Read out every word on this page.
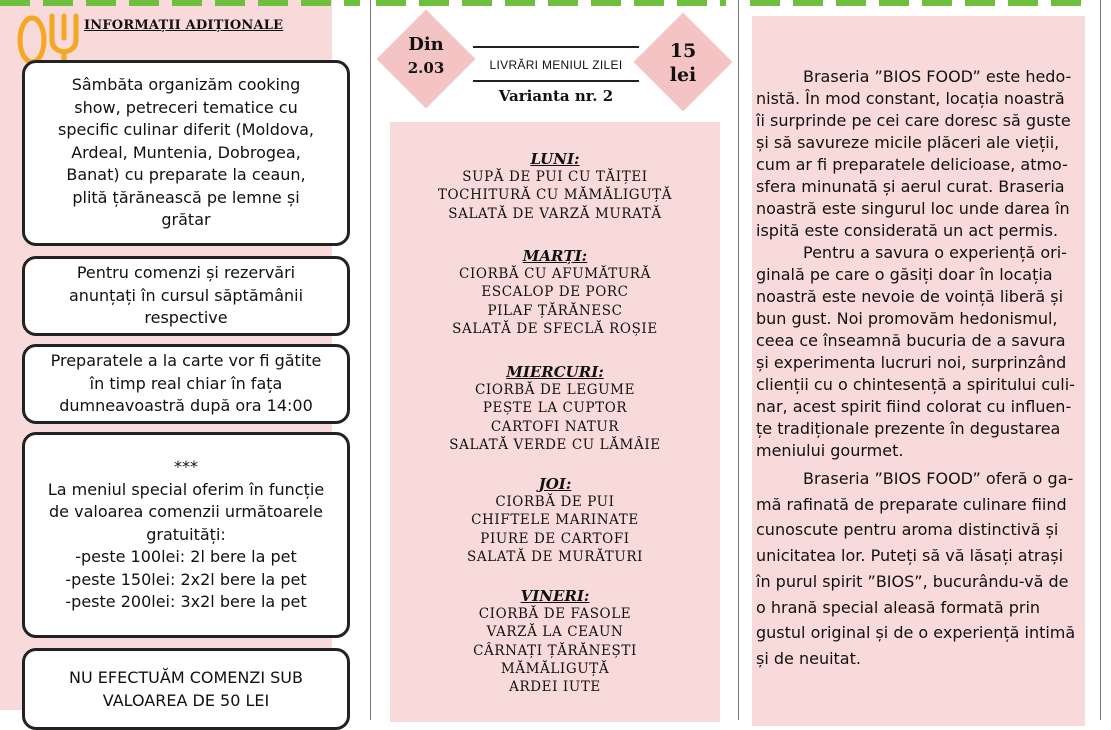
INFORMAȚII ADIȚIONALE
Sâmbăta organizăm cooking
show, petreceri tematice cu
specific culinar diferit (Moldova,
Ardeal, Muntenia, Dobrogea,
Banat) cu preparate la ceaun,
plită țărănească pe lemne și
grătar
Pentru comenzi și rezervări
anunțați în cursul săptămânii
respective
Preparatele a la carte vor fi gătite
în timp real chiar în fața
dumneavoastră după ora 14:00
***
La meniul special oferim în funcție
de valoarea comenzii următoarele
gratuități:
-peste 100lei: 2l bere la pet
-peste 150lei: 2x2l bere la pet
-peste 200lei: 3x2l bere la pet
NU EFECTUĂM COMENZI SUB
VALOAREA DE 50 LEI
Din
2.03	LIVRĂRI MENIUL ZILEI
Varianta nr. 2
15
lei
LUNI:
SUPĂ DE PUI CU TĂIȚEI
TOCHITURĂ CU MĂMĂLIGUȚĂ
SALATĂ DE VARZĂ MURATĂ
MARȚI:
CIORBĂ CU AFUMĂTURĂ
ESCALOP DE PORC
PILAF ȚĂRĂNESC
SALATĂ DE SFECLĂ ROȘIE
MIERCURI:
CIORBĂ DE LEGUME
PEȘTE LA CUPTOR
CARTOFI NATUR
SALATĂ VERDE CU LĂMÂIE
JOI:
CIORBĂ DE PUI
CHIFTELE MARINATE
PIURE DE CARTOFI
SALATĂ DE MURĂTURI
VINERI:
CIORBĂ DE FASOLE
VARZĂ LA CEAUN
CÂRNAȚI ȚĂRĂNEȘTI
MĂMĂLIGUȚĂ
ARDEI IUTE
Braseria ”BIOS FOOD” este hedo-
nistă. În mod constant, locația noastră
îi surprinde pe cei care doresc să guste
și să savureze micile plăceri ale vieții,
cum ar fi preparatele delicioase, atmo-
sfera minunată și aerul curat. Braseria
noastră este singurul loc unde darea în
ispită este considerată un act permis.
Pentru a savura o experiență ori-
ginală pe care o găsiți doar în locația
noastră este nevoie de voință liberă și
bun gust. Noi promovăm hedonismul,
ceea ce înseamnă bucuria de a savura
și experimenta lucruri noi, surprinzând
clienții cu o chintesență a spiritului culi-
nar, acest spirit fiind colorat cu influen-
țe tradiționale prezente în degustarea
meniului gourmet.
Braseria ”BIOS FOOD” oferă o ga-
mă rafinată de preparate culinare fiind
cunoscute pentru aroma distinctivă și
unicitatea lor. Puteți să vă lăsați atrași
în purul spirit ”BIOS”, bucurându-vă de
o hrană special aleasă formată prin
gustul original și de o experiență intimă
și de neuitat.
